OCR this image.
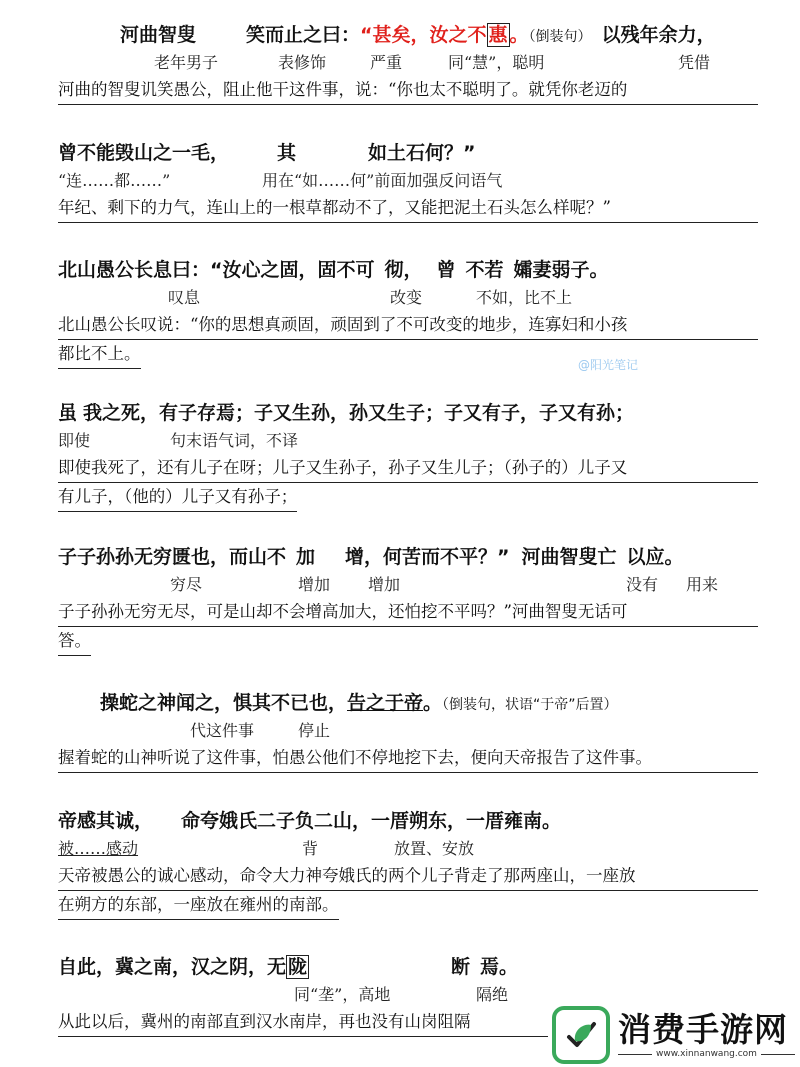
河曲智叟	笑而止之曰：“甚矣，汝之不 惠 。（倒装句） 以残年余力，
老年男子	表修饰	严重	同“慧”，聪明	凭借
河曲的智叟讥笑愚公，阻止他干这件事，说：“你也太不聪明了。就凭你老迈的
曾不能毁山之一毛，	其	如土石何？”
“连……都……”	用在“如……何”前面加强反问语气
年纪、剩下的力气，连山上的一根草都动不了，又能把泥土石头怎么样呢？”
北山愚公长息曰：“汝心之固，固不可 彻， 曾 不若 孀妻弱子。
叹息	改变	不如，比不上
北山愚公长叹说：“你的思想真顽固，顽固到了不可改变的地步，连寡妇和小孩
都比不上。
@阳光笔记
虽 我之死，有子存焉；子又生孙，孙又生子；子又有子，子又有孙；
即使	句末语气词，不译
即使我死了，还有儿子在呀；儿子又生孙子，孙子又生儿子；（孙子的）儿子又
有儿子，（他的）儿子又有孙子；
子子孙孙无穷匮也，而山不 加 增，何苦而不平？” 河曲智叟亡 以应。
穷尽	增加 增加	没有 用来
子子孙孙无穷无尽，可是山却不会增高加大，还怕挖不平吗？”河曲智叟无话可
答。
操蛇之神闻之，惧其不已也，告之于帝。（倒装句，状语“于帝”后置）
代这件事	停止
握着蛇的山神听说了这件事，怕愚公他们不停地挖下去，便向天帝报告了这件事。
帝感其诚， 命夸娥氏二子负二山，一厝朔东，一厝雍南。
被……感动	背	放置、安放
天帝被愚公的诚心感动，命令大力神夸娥氏的两个儿子背走了那两座山，一座放
在朔方的东部，一座放在雍州的南部。
自此，冀之南，汉之阴，无 陇	断 焉。
同“垄”，高地	隔绝
从此以后，冀州的南部直到汉水南岸，再也没有山岗阻隔	消费手游网
www.xinnanwang.com
